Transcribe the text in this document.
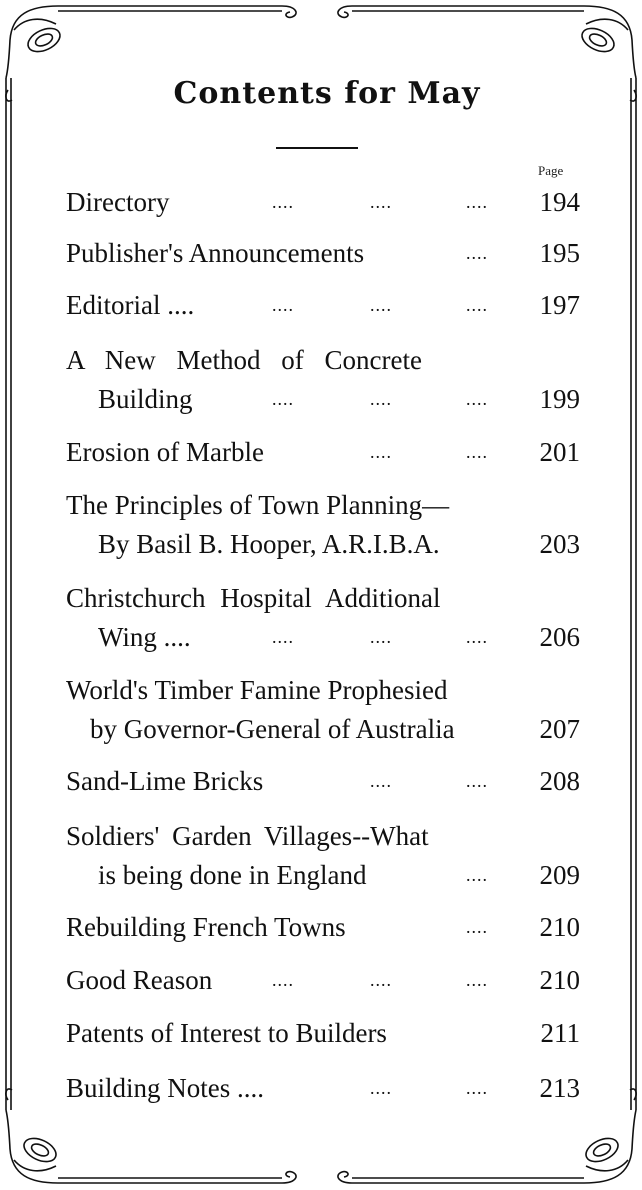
Contents for May
Page
Directory	....	....	.... 194
Publisher's Announcements	.... 195
Editorial ....	....	....	.... 197
A New Method of Concrete
Building	....	....	.... 199
Erosion of Marble	....	.... 201
The Principles of Town Planning—
By Basil B. Hooper, A.R.I.B.A.	203
Christchurch Hospital Additional
Wing ....	....	....	.... 206
World's Timber Famine Prophesied
by Governor-General of Australia	207
Sand-Lime Bricks	....	.... 208
Soldiers' Garden Villages--What
is being done in England	.... 209
Rebuilding French Towns	.... 210
Good Reason	....	....	.... 210
Patents of Interest to Builders	211
Building Notes ....	....	.... 213
